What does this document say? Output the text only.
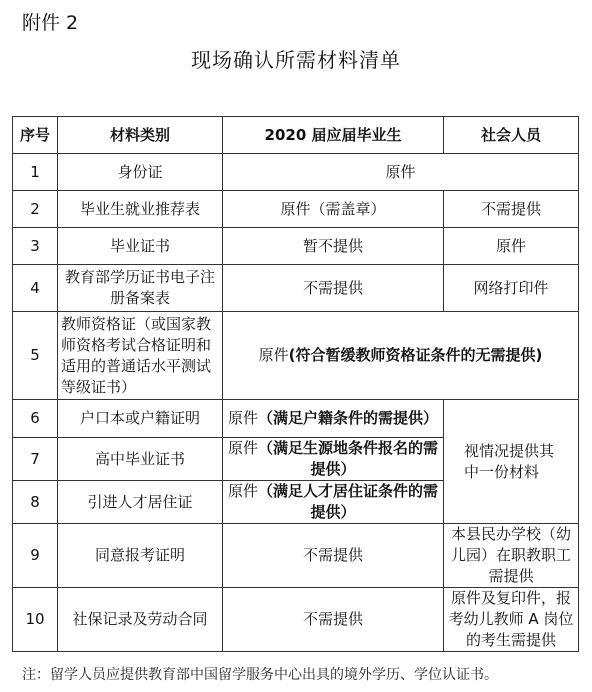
附件 2
现场确认所需材料清单
序号	材料类别	2020 届应届毕业生	社会人员
1	身份证	原件	
2	毕业生就业推荐表	原件（需盖章）	不需提供
3	毕业证书	暂不提供	原件
4	教育部学历证书电子注册备案表	不需提供	网络打印件
5	教师资格证（或国家教师资格考试合格证明和适用的普通话水平测试等级证书）	原件(符合暂缓教师资格证条件的无需提供)	
6	户口本或户籍证明	原件（满足户籍条件的需提供）	视情况提供其中一份材料
7	高中毕业证书	原件（满足生源地条件报名的需提供）	
8	引进人才居住证	原件（满足人才居住证条件的需提供）	
9	同意报考证明	不需提供	本县民办学校（幼儿园）在职教职工需提供
10	社保记录及劳动合同	不需提供	原件及复印件，报考幼儿教师 A 岗位的考生需提供
注：留学人员应提供教育部中国留学服务中心出具的境外学历、学位认证书。
